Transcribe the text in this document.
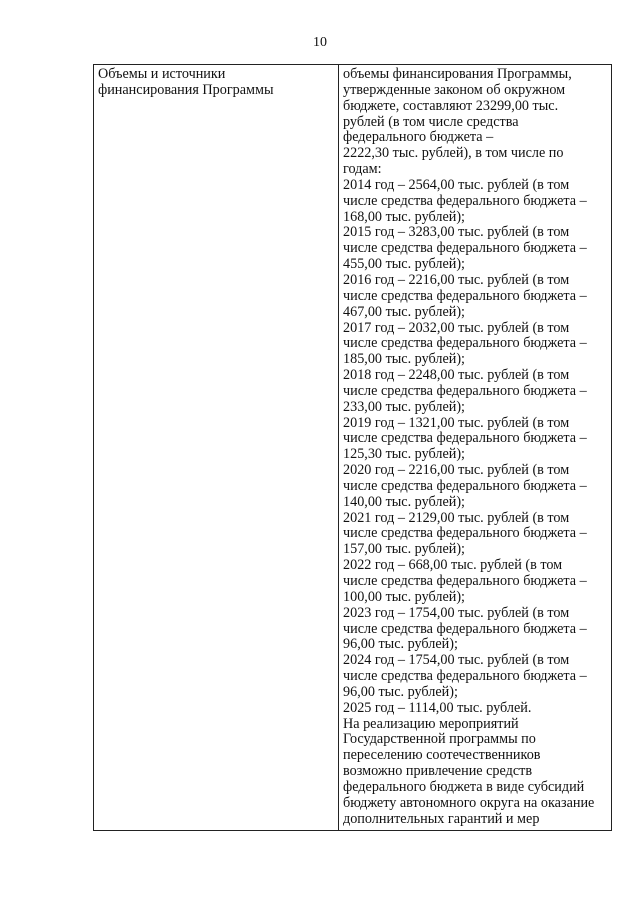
10
Объемы и источники
финансирования Программы

объемы финансирования Программы,
утвержденные законом об окружном
бюджете, составляют 23299,00 тыс.
рублей (в том числе средства
федерального бюджета –
2222,30 тыс. рублей), в том числе по
годам:
2014 год – 2564,00 тыс. рублей (в том
числе средства федерального бюджета –
168,00 тыс. рублей);
2015 год – 3283,00 тыс. рублей (в том
числе средства федерального бюджета –
455,00 тыс. рублей);
2016 год – 2216,00 тыс. рублей (в том
числе средства федерального бюджета –
467,00 тыс. рублей);
2017 год – 2032,00 тыс. рублей (в том
числе средства федерального бюджета –
185,00 тыс. рублей);
2018 год – 2248,00 тыс. рублей (в том
числе средства федерального бюджета –
233,00 тыс. рублей);
2019 год – 1321,00 тыс. рублей (в том
числе средства федерального бюджета –
125,30 тыс. рублей);
2020 год – 2216,00 тыс. рублей (в том
числе средства федерального бюджета –
140,00 тыс. рублей);
2021 год – 2129,00 тыс. рублей (в том
числе средства федерального бюджета –
157,00 тыс. рублей);
2022 год – 668,00 тыс. рублей (в том
числе средства федерального бюджета –
100,00 тыс. рублей);
2023 год – 1754,00 тыс. рублей (в том
числе средства федерального бюджета –
96,00 тыс. рублей);
2024 год – 1754,00 тыс. рублей (в том
числе средства федерального бюджета –
96,00 тыс. рублей);
2025 год – 1114,00 тыс. рублей.
На реализацию мероприятий
Государственной программы по
переселению соотечественников
возможно привлечение средств
федерального бюджета в виде субсидий
бюджету автономного округа на оказание
дополнительных гарантий и мер
